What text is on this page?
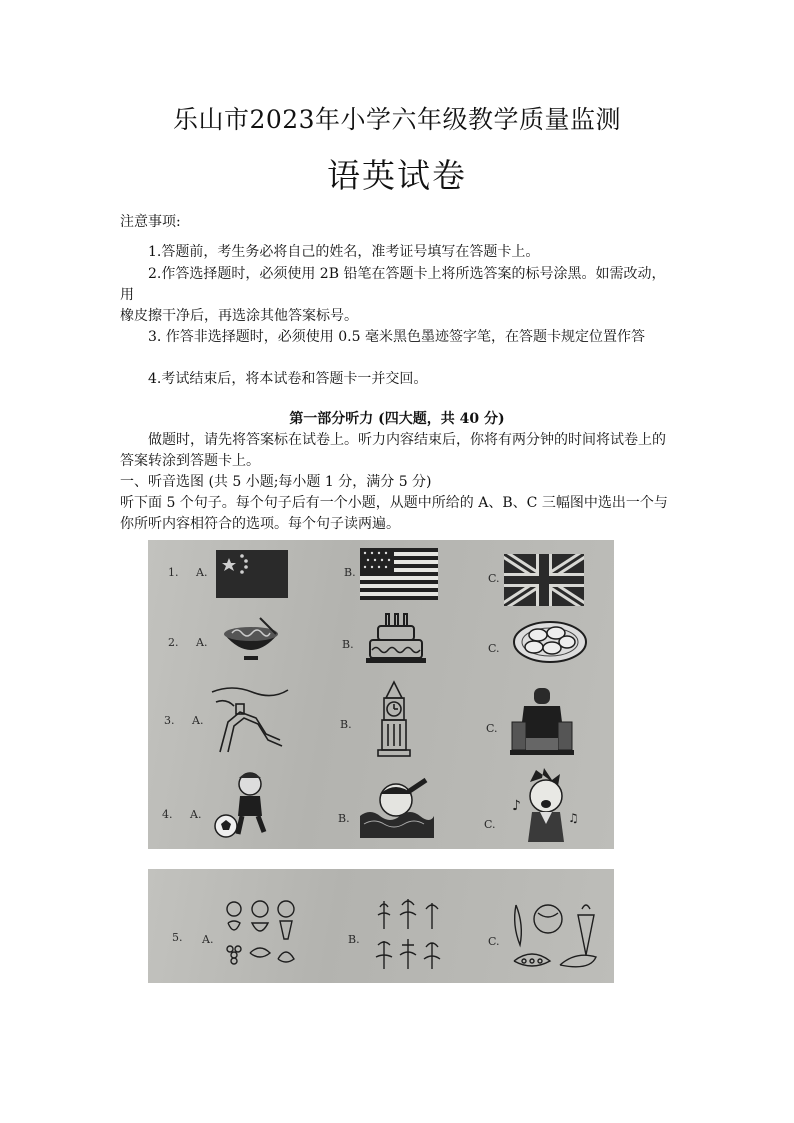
乐山市2023年小学六年级教学质量监测
语英试卷
注意事项:
1.答题前，考生务必将自己的姓名，准考证号填写在答题卡上。
2.作答选择题时，必须使用 2B 铅笔在答题卡上将所选答案的标号涂黑。如需改动，用
橡皮擦干净后，再选涂其他答案标号。
3. 作答非选择题时，必须使用 0.5 毫米黑色墨迹签字笔，在答题卡规定位置作答
4.考试结束后，将本试卷和答题卡一并交回。
第一部分听力 (四大题，共 40 分)
做题时，请先将答案标在试卷上。听力内容结束后，你将有两分钟的时间将试卷上的答案转涂到答题卡上。
一、听音选图 (共 5 小题;每小题 1 分，满分 5 分)
听下面 5 个句子。每个句子后有一个小题，从题中所给的 A、B、C 三幅图中选出一个与你所听内容相符合的选项。每个句子读两遍。
1. A.	B.	C.
2. A.	B.	C.
3. A.	B.	C.
4. A.	B.	C.
♪
♫
5. A.	B.	C.
